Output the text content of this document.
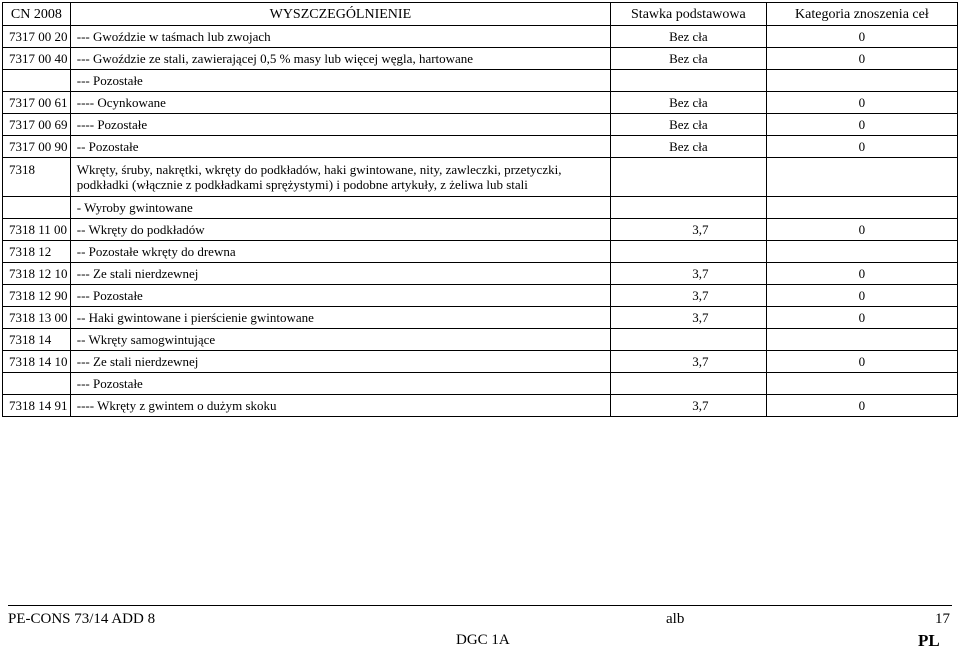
CN 2008	WYSZCZEGÓLNIENIE	Stawka podstawowa	Kategoria znoszenia ceł
7317 00 20	--- Gwoździe w taśmach lub zwojach	Bez cła	0
7317 00 40	--- Gwoździe ze stali, zawierającej 0,5 % masy lub więcej węgla, hartowane	Bez cła	0
	--- Pozostałe		
7317 00 61	---- Ocynkowane	Bez cła	0
7317 00 69	---- Pozostałe	Bez cła	0
7317 00 90	-- Pozostałe	Bez cła	0
7318	Wkręty, śruby, nakrętki, wkręty do podkładów, haki gwintowane, nity, zawleczki, przetyczki, podkładki (włącznie z podkładkami sprężystymi) i podobne artykuły, z żeliwa lub stali		
	- Wyroby gwintowane		
7318 11 00	-- Wkręty do podkładów	3,7	0
7318 12	-- Pozostałe wkręty do drewna		
7318 12 10	--- Ze stali nierdzewnej	3,7	0
7318 12 90	--- Pozostałe	3,7	0
7318 13 00	-- Haki gwintowane i pierścienie gwintowane	3,7	0
7318 14	-- Wkręty samogwintujące		
7318 14 10	--- Ze stali nierdzewnej	3,7	0
	--- Pozostałe		
7318 14 91	---- Wkręty z gwintem o dużym skoku	3,7	0
PE-CONS 73/14 ADD 8	alb	17
DGC 1A	PL
